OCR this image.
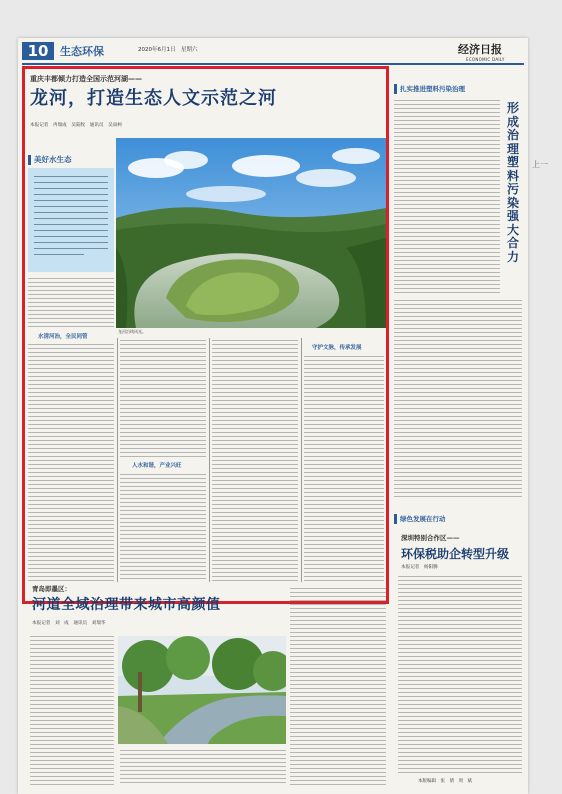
上一
10	生态环保	2020年6月1日　星期六	经济日报
ECONOMIC DAILY
重庆丰都倾力打造全国示范河湖——
龙河，打造生态人文示范之河
本报记者　冉瑞成　吴陆牧　通讯员　吴雨柯
美好水生态
龙河沿线风光。
水清河治，全民同管
人水和谐，产业兴旺
守护文脉，传承发展
青岛即墨区：
河道全域治理带来城市高颜值
本报记者　刘　成　通讯员　刘瑞华
扎实推进塑料污染治理
形成治理塑料污染强大合力
绿色发展在行动
深圳特别合作区——
环保税助企转型升级
本报记者　杨阳腾
本版编辑　张　倩　周　斌
